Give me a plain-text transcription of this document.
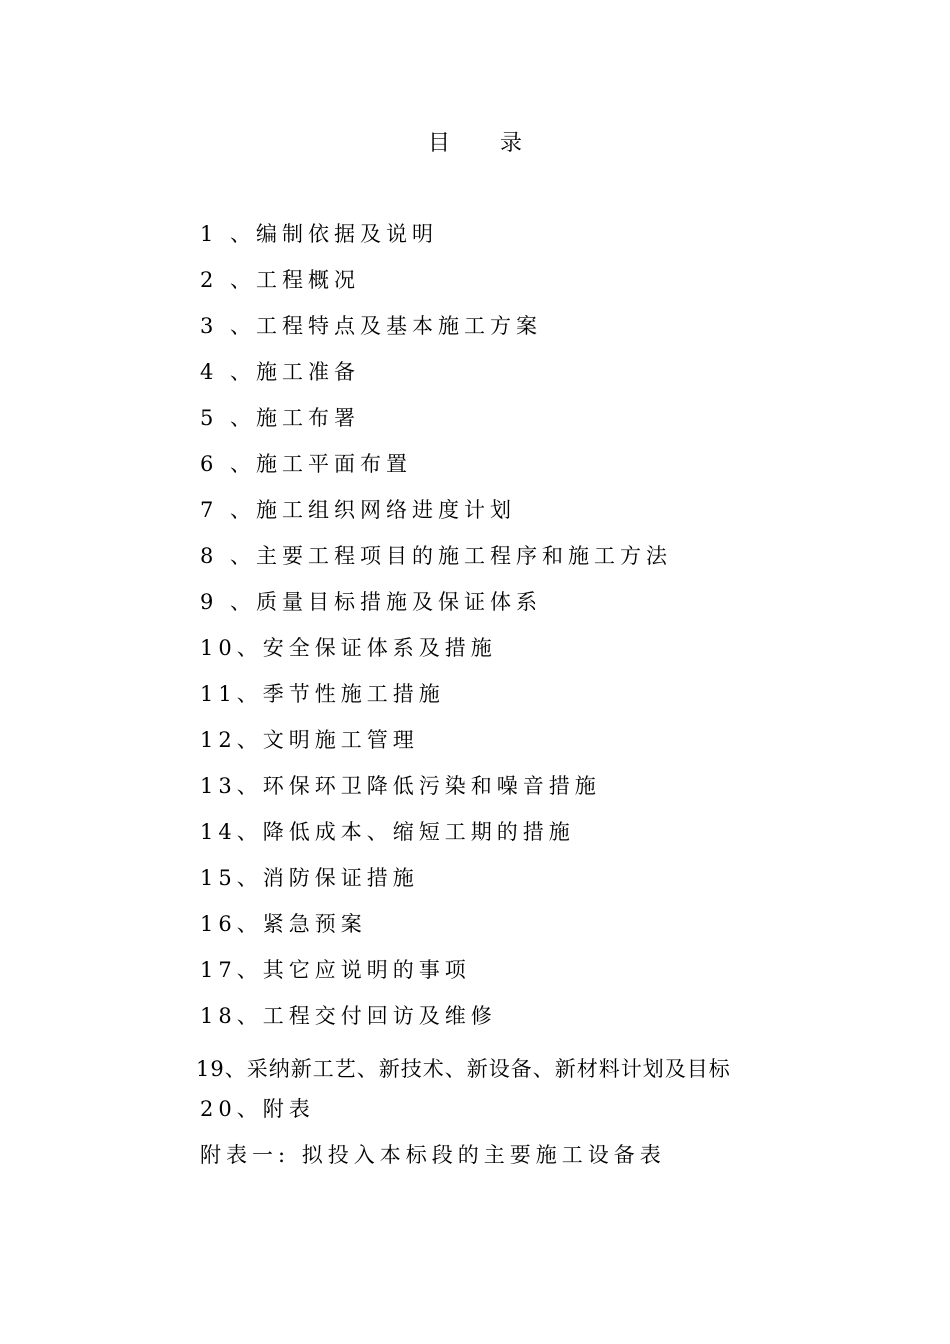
目 录
1 、编制依据及说明
2 、工程概况
3 、工程特点及基本施工方案
4 、施工准备
5 、施工布署
6 、施工平面布置
7 、施工组织网络进度计划
8 、主要工程项目的施工程序和施工方法
9 、质量目标措施及保证体系
10、安全保证体系及措施
11、季节性施工措施
12、文明施工管理
13、环保环卫降低污染和噪音措施
14、降低成本、缩短工期的措施
15、消防保证措施
16、紧急预案
17、其它应说明的事项
18、工程交付回访及维修
19、采纳新工艺、新技术、新设备、新材料计划及目标
20、附表
附表一: 拟投入本标段的主要施工设备表
